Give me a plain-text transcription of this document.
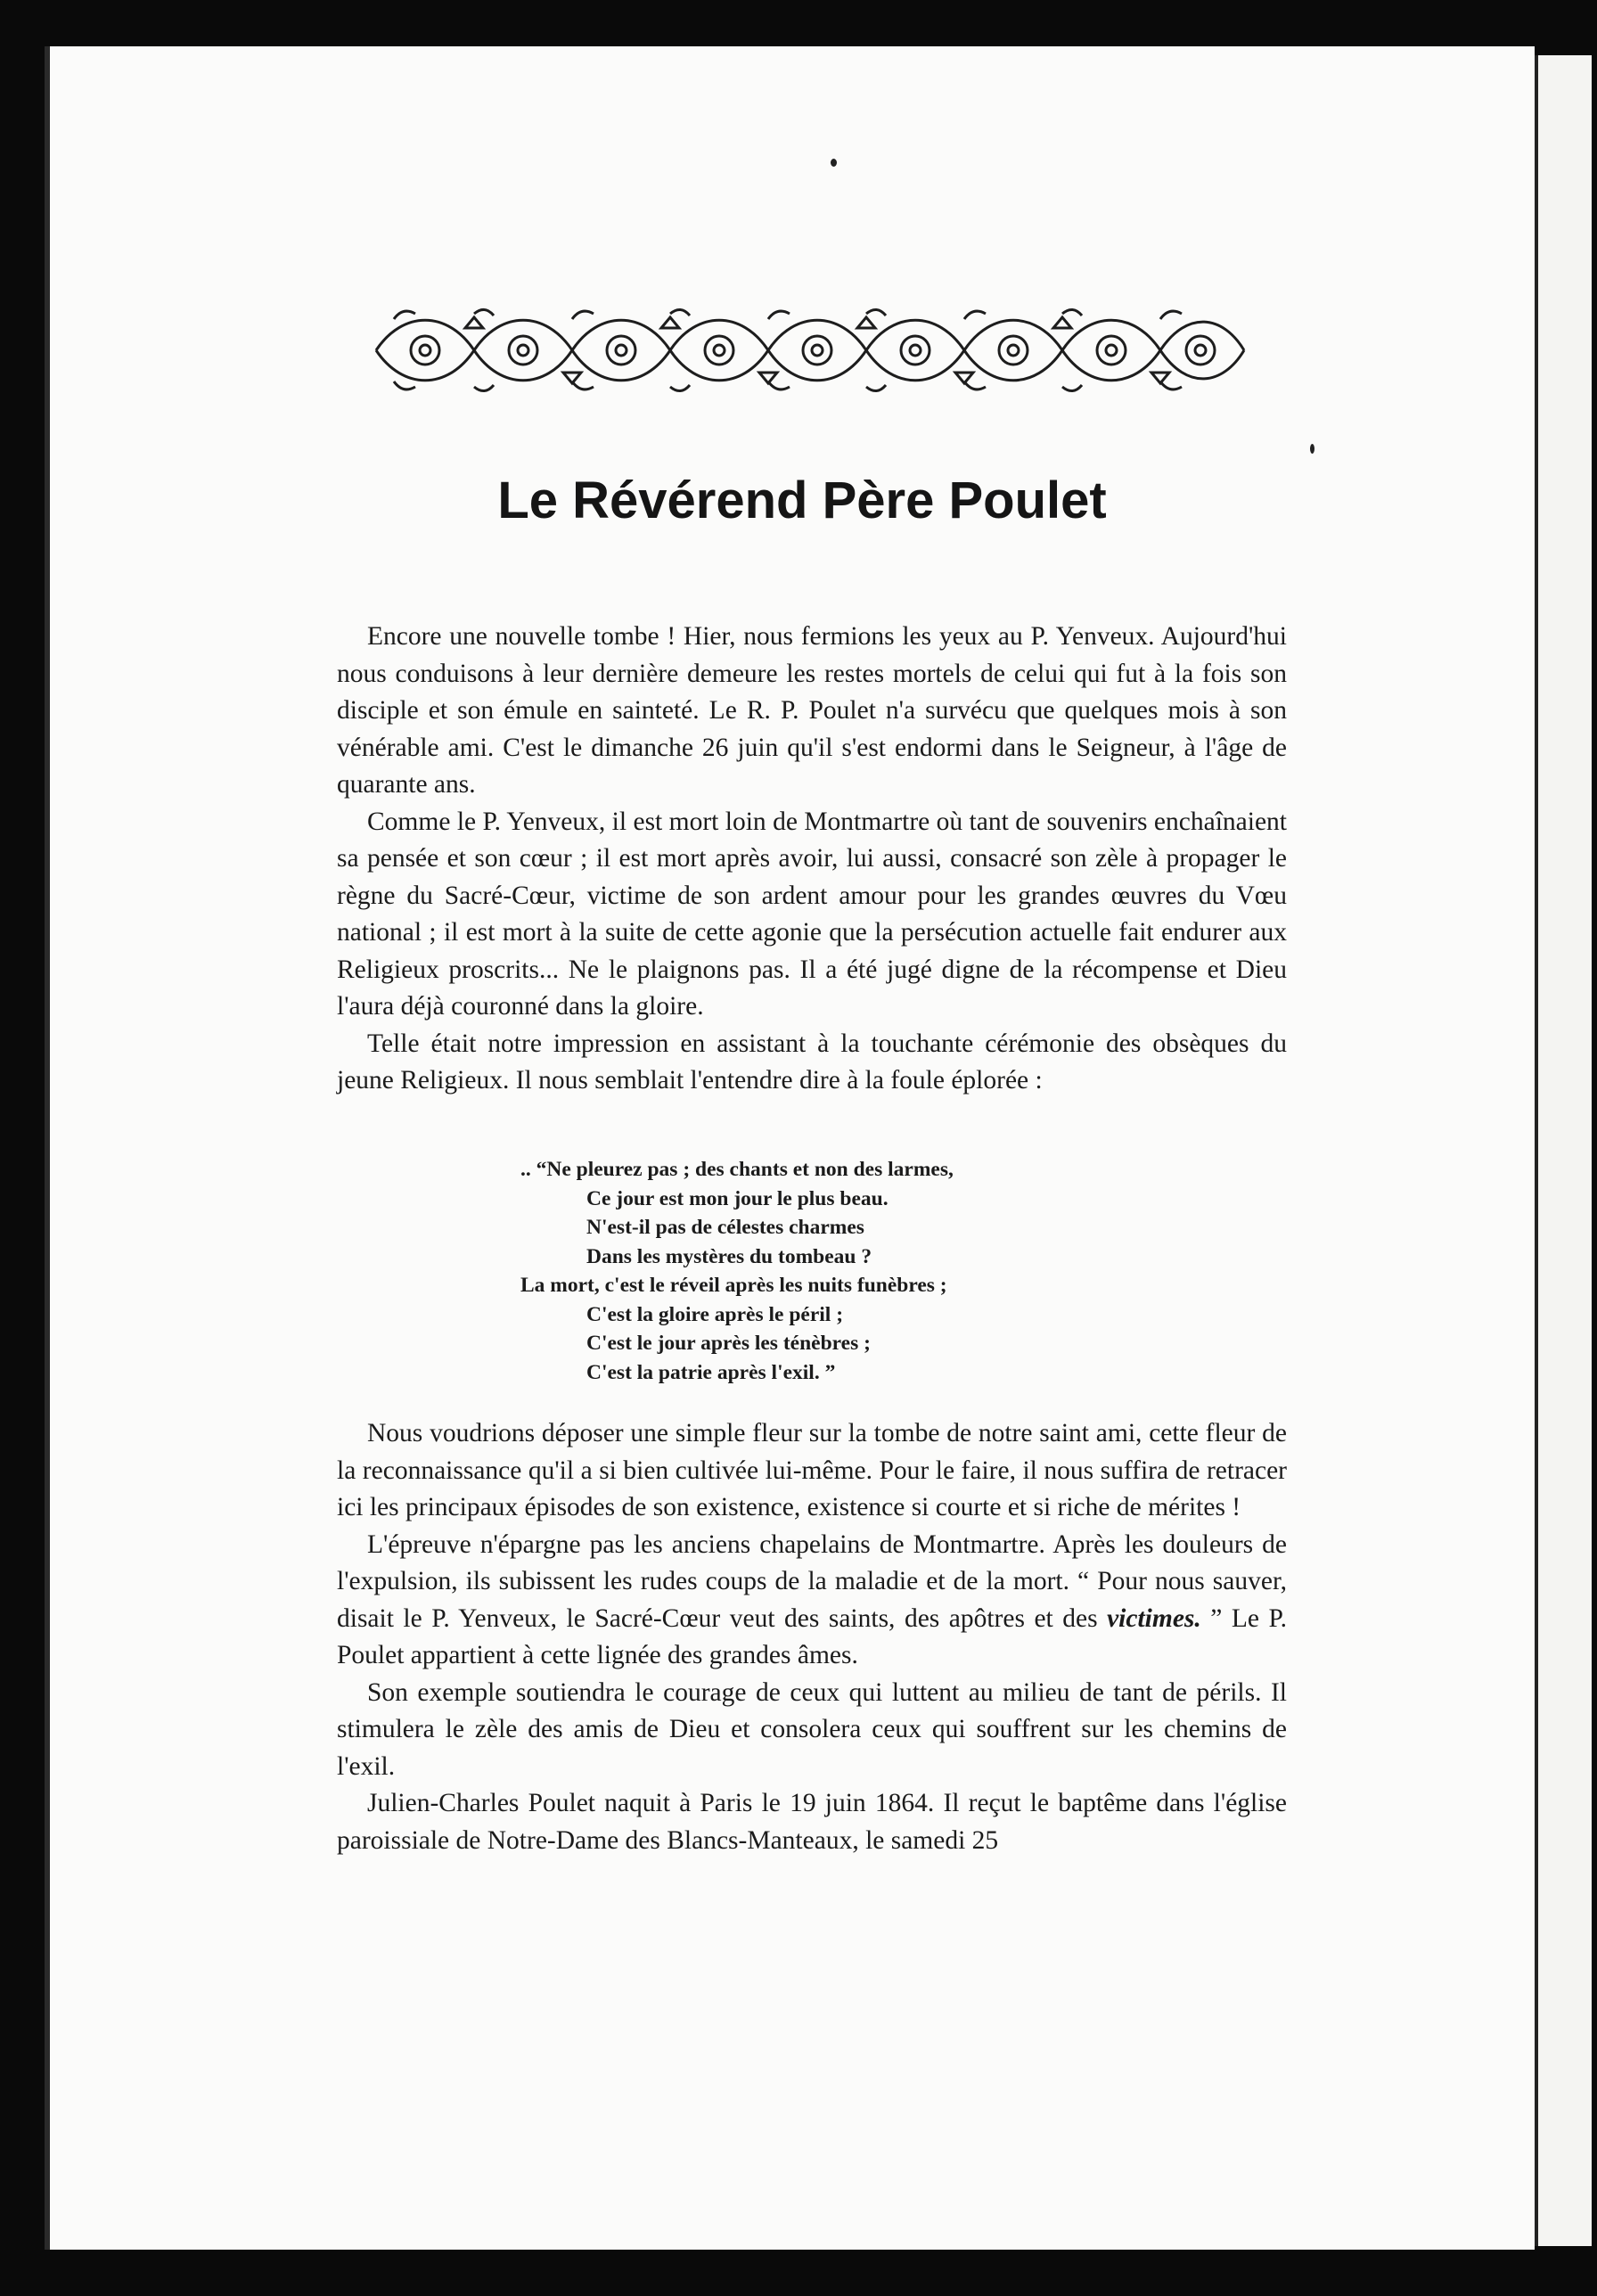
Le Révérend Père Poulet

Encore une nouvelle tombe ! Hier, nous fermions les yeux au P. Yenveux. Aujourd'hui nous conduisons à leur dernière demeure les restes mortels de celui qui fut à la fois son disciple et son émule en sainteté. Le R. P. Poulet n'a survécu que quelques mois à son vénérable ami. C'est le dimanche 26 juin qu'il s'est endormi dans le Seigneur, à l'âge de quarante ans.

Comme le P. Yenveux, il est mort loin de Montmartre où tant de souvenirs enchaînaient sa pensée et son cœur ; il est mort après avoir, lui aussi, consacré son zèle à propager le règne du Sacré-Cœur, victime de son ardent amour pour les grandes œuvres du Vœu national ; il est mort à la suite de cette agonie que la persécution actuelle fait endurer aux Religieux proscrits... Ne le plaignons pas. Il a été jugé digne de la récompense et Dieu l'aura déjà couronné dans la gloire.

Telle était notre impression en assistant à la touchante cérémonie des obsèques du jeune Religieux. Il nous semblait l'entendre dire à la foule éplorée :

.. “Ne pleurez pas ; des chants et non des larmes,
Ce jour est mon jour le plus beau.
N'est-il pas de célestes charmes
Dans les mystères du tombeau ?
La mort, c'est le réveil après les nuits funèbres ;
C'est la gloire après le péril ;
C'est le jour après les ténèbres ;
C'est la patrie après l'exil. ”

Nous voudrions déposer une simple fleur sur la tombe de notre saint ami, cette fleur de la reconnaissance qu'il a si bien cultivée lui-même. Pour le faire, il nous suffira de retracer ici les principaux épisodes de son existence, existence si courte et si riche de mérites !

L'épreuve n'épargne pas les anciens chapelains de Montmartre. Après les douleurs de l'expulsion, ils subissent les rudes coups de la maladie et de la mort. “ Pour nous sauver, disait le P. Yenveux, le Sacré-Cœur veut des saints, des apôtres et des victimes. ” Le P. Poulet appartient à cette lignée des grandes âmes.

Son exemple soutiendra le courage de ceux qui luttent au milieu de tant de périls. Il stimulera le zèle des amis de Dieu et consolera ceux qui souffrent sur les chemins de l'exil.

Julien-Charles Poulet naquit à Paris le 19 juin 1864. Il reçut le baptême dans l'église paroissiale de Notre-Dame des Blancs-Manteaux, le samedi 25
